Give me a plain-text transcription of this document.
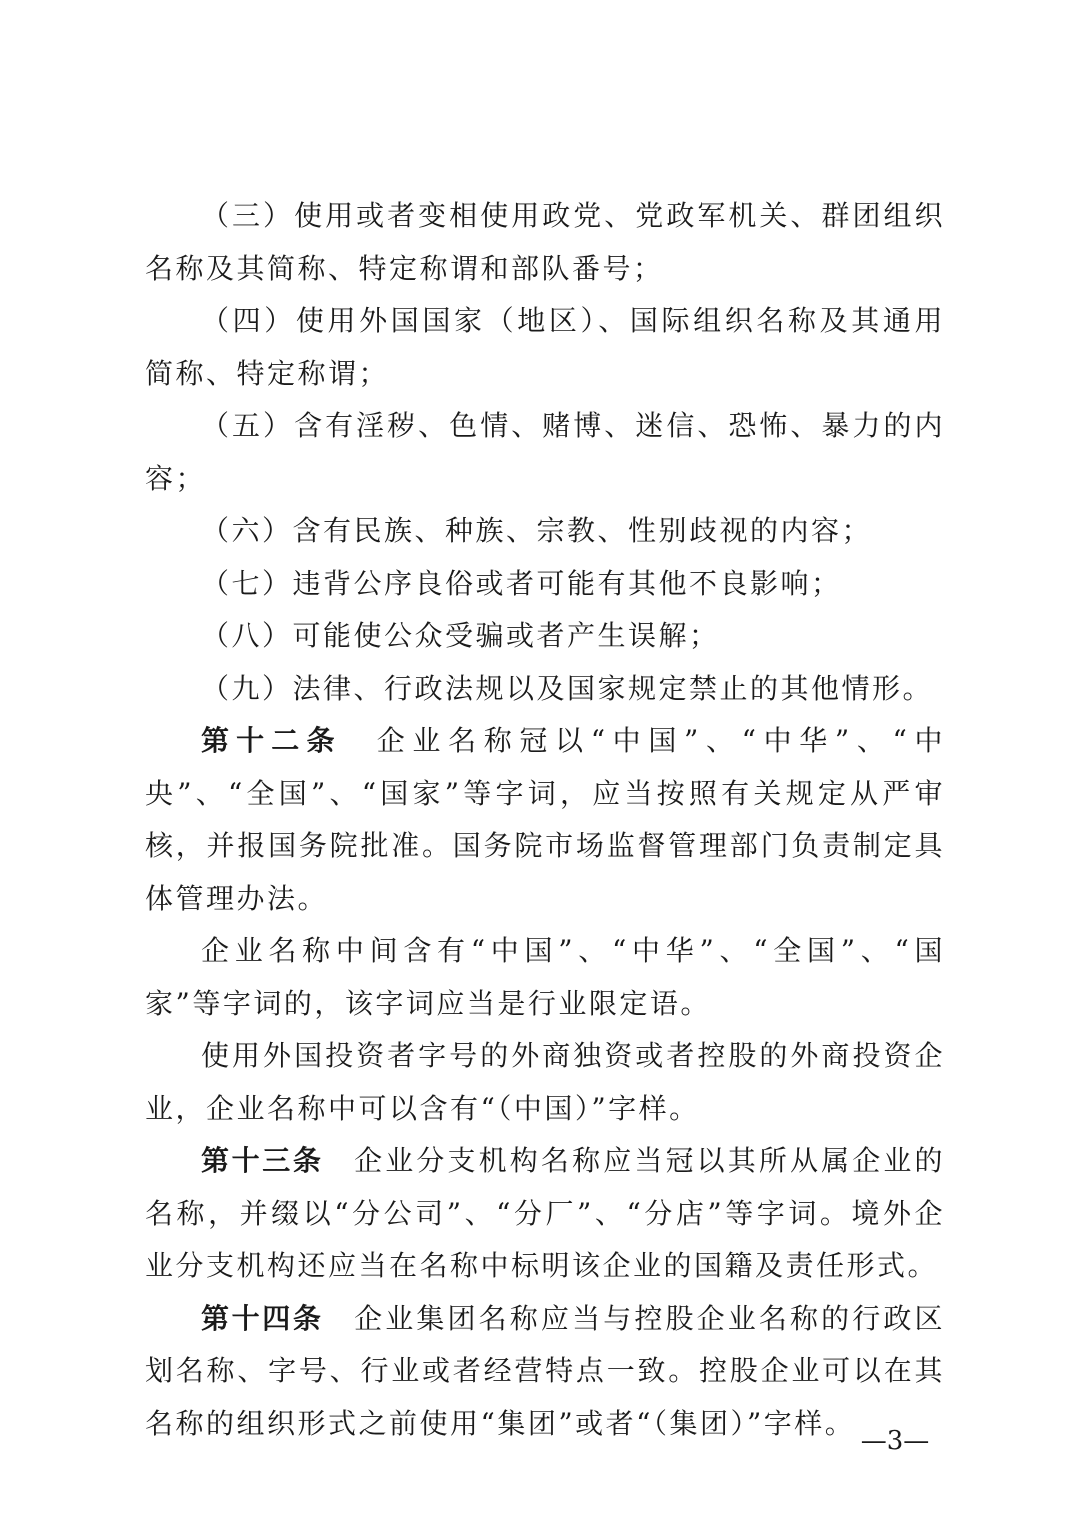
（三）使用或者变相使用政党、党政军机关、群团组织名称及其简称、特定称谓和部队番号；

（四）使用外国国家（地区）、国际组织名称及其通用简称、特定称谓；

（五）含有淫秽、色情、赌博、迷信、恐怖、暴力的内容；

（六）含有民族、种族、宗教、性别歧视的内容；

（七）违背公序良俗或者可能有其他不良影响；

（八）可能使公众受骗或者产生误解；

（九）法律、行政法规以及国家规定禁止的其他情形。

第十二条 企业名称冠以“中国”、“中华”、“中央”、“全国”、“国家”等字词，应当按照有关规定从严审核，并报国务院批准。国务院市场监督管理部门负责制定具体管理办法。

企业名称中间含有“中国”、“中华”、“全国”、“国家”等字词的，该字词应当是行业限定语。

使用外国投资者字号的外商独资或者控股的外商投资企业，企业名称中可以含有“（中国）”字样。

第十三条 企业分支机构名称应当冠以其所从属企业的名称，并缀以“分公司”、“分厂”、“分店”等字词。境外企业分支机构还应当在名称中标明该企业的国籍及责任形式。

第十四条 企业集团名称应当与控股企业名称的行政区划名称、字号、行业或者经营特点一致。控股企业可以在其名称的组织形式之前使用“集团”或者“（集团）”字样。

—3—
